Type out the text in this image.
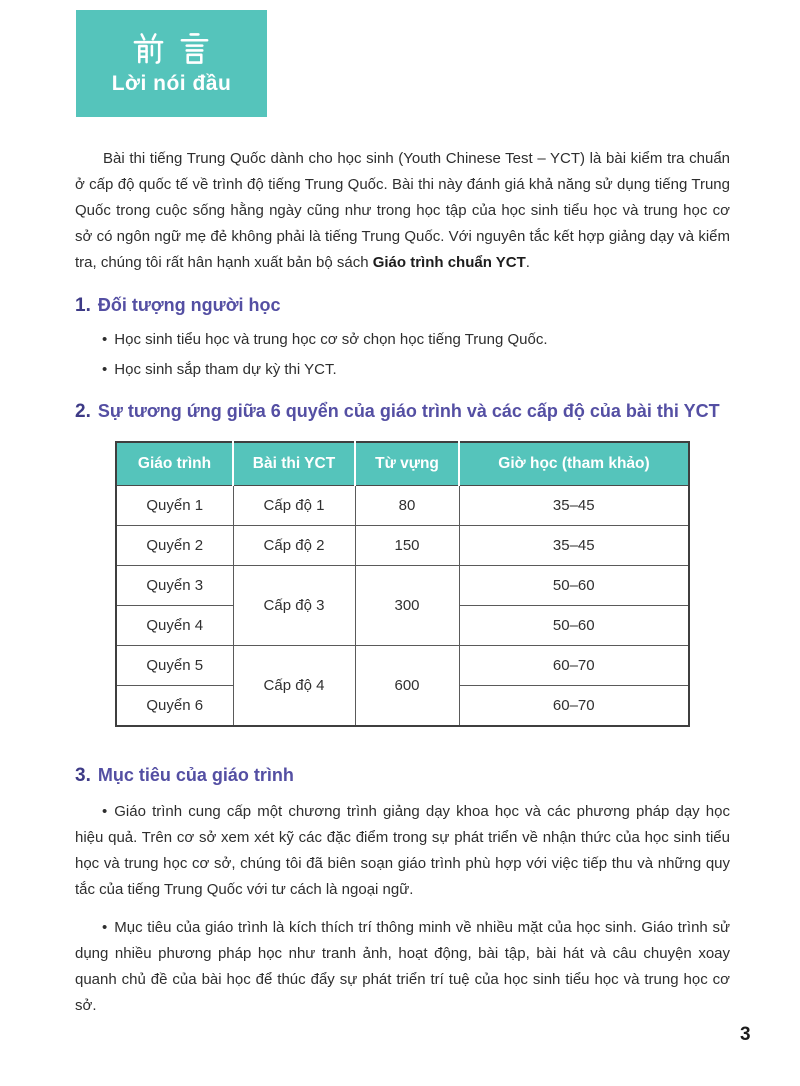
Lời nói đầu

Bài thi tiếng Trung Quốc dành cho học sinh (Youth Chinese Test – YCT) là bài kiểm tra chuẩn ở cấp độ quốc tế về trình độ tiếng Trung Quốc. Bài thi này đánh giá khả năng sử dụng tiếng Trung Quốc trong cuộc sống hằng ngày cũng như trong học tập của học sinh tiểu học và trung học cơ sở có ngôn ngữ mẹ đẻ không phải là tiếng Trung Quốc. Với nguyên tắc kết hợp giảng dạy và kiểm tra, chúng tôi rất hân hạnh xuất bản bộ sách Giáo trình chuẩn YCT.

1. Đối tượng người học
• Học sinh tiểu học và trung học cơ sở chọn học tiếng Trung Quốc.
• Học sinh sắp tham dự kỳ thi YCT.
2. Sự tương ứng giữa 6 quyển của giáo trình và các cấp độ của bài thi YCT
Giáo trình	Bài thi YCT	Từ vựng	Giờ học (tham khảo)
Quyển 1	Cấp độ 1	80	35–45
Quyển 2	Cấp độ 2	150	35–45
Quyển 3	Cấp độ 3	300	50–60
Quyển 4			50–60
Quyển 5	Cấp độ 4	600	60–70
Quyển 6			60–70
3. Mục tiêu của giáo trình

• Giáo trình cung cấp một chương trình giảng dạy khoa học và các phương pháp dạy học hiệu quả. Trên cơ sở xem xét kỹ các đặc điểm trong sự phát triển về nhận thức của học sinh tiểu học và trung học cơ sở, chúng tôi đã biên soạn giáo trình phù hợp với việc tiếp thu và những quy tắc của tiếng Trung Quốc với tư cách là ngoại ngữ.

• Mục tiêu của giáo trình là kích thích trí thông minh về nhiều mặt của học sinh. Giáo trình sử dụng nhiều phương pháp học như tranh ảnh, hoạt động, bài tập, bài hát và câu chuyện xoay quanh chủ đề của bài học để thúc đẩy sự phát triển trí tuệ của học sinh tiểu học và trung học cơ sở.

3
